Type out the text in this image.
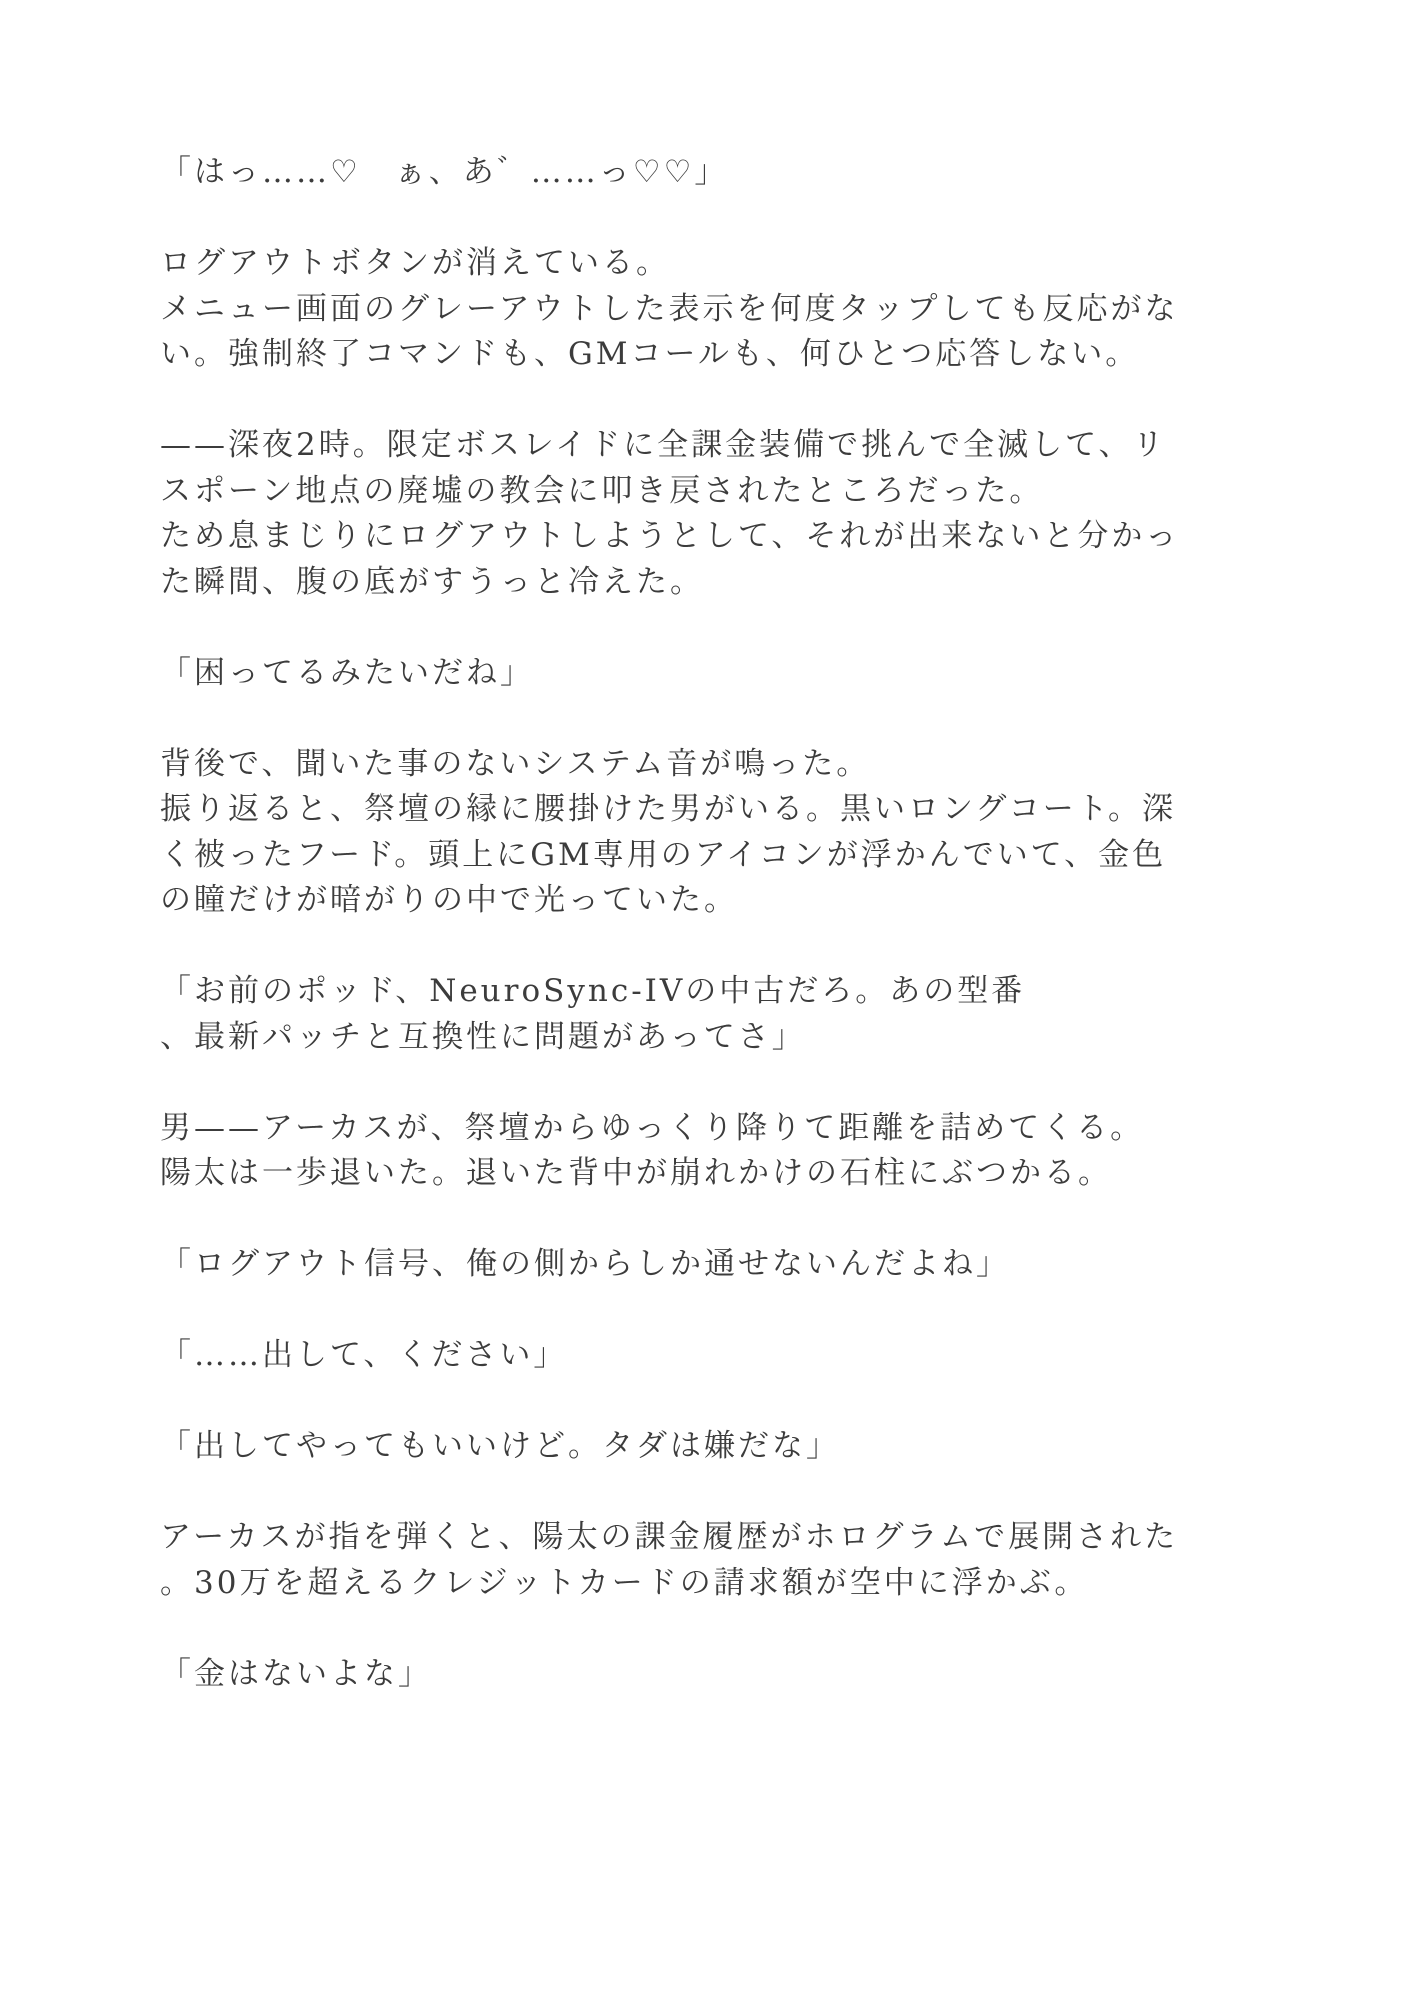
「はっ……♡　ぁ、あ゛……っ♡♡」
ログアウトボタンが消えている。
メニュー画面のグレーアウトした表示を何度タップしても反応がな
い。強制終了コマンドも、GMコールも、何ひとつ応答しない。
——深夜2時。限定ボスレイドに全課金装備で挑んで全滅して、リ
スポーン地点の廃墟の教会に叩き戻されたところだった。
ため息まじりにログアウトしようとして、それが出来ないと分かっ
た瞬間、腹の底がすうっと冷えた。
「困ってるみたいだね」
背後で、聞いた事のないシステム音が鳴った。
振り返ると、祭壇の縁に腰掛けた男がいる。黒いロングコート。深
く被ったフード。頭上にGM専用のアイコンが浮かんでいて、金色
の瞳だけが暗がりの中で光っていた。
「お前のポッド、NeuroSync-IVの中古だろ。あの型番
、最新パッチと互換性に問題があってさ」
男——アーカスが、祭壇からゆっくり降りて距離を詰めてくる。
陽太は一歩退いた。退いた背中が崩れかけの石柱にぶつかる。
「ログアウト信号、俺の側からしか通せないんだよね」
「……出して、ください」
「出してやってもいいけど。タダは嫌だな」
アーカスが指を弾くと、陽太の課金履歴がホログラムで展開された
。30万を超えるクレジットカードの請求額が空中に浮かぶ。
「金はないよな」
